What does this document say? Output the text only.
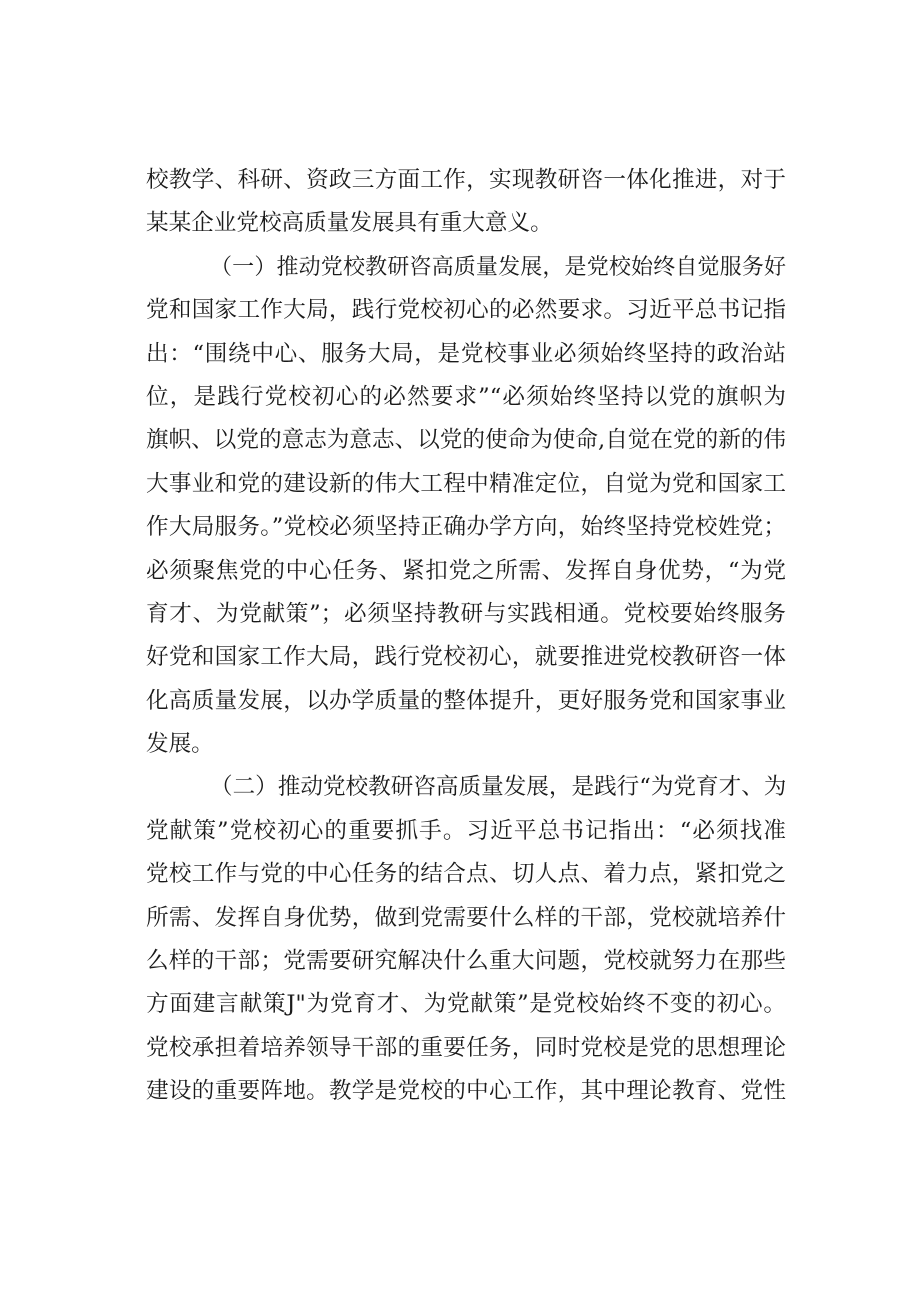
校教学、科研、资政三方面工作，实现教研咨一体化推进，对于
某某企业党校高质量发展具有重大意义。
（一）推动党校教研咨高质量发展，是党校始终自觉服务好
党和国家工作大局，践行党校初心的必然要求。习近平总书记指
出：“围绕中心、服务大局，是党校事业必须始终坚持的政治站
位，是践行党校初心的必然要求”“必须始终坚持以党的旗帜为
旗帜、以党的意志为意志、以党的使命为使命,自觉在党的新的伟
大事业和党的建设新的伟大工程中精准定位，自觉为党和国家工
作大局服务。”党校必须坚持正确办学方向，始终坚持党校姓党；
必须聚焦党的中心任务、紧扣党之所需、发挥自身优势，“为党
育才、为党献策”；必须坚持教研与实践相通。党校要始终服务
好党和国家工作大局，践行党校初心，就要推进党校教研咨一体
化高质量发展，以办学质量的整体提升，更好服务党和国家事业
发展。
（二）推动党校教研咨高质量发展，是践行“为党育才、为
党献策”党校初心的重要抓手。习近平总书记指出：“必须找准
党校工作与党的中心任务的结合点、切人点、着力点，紧扣党之
所需、发挥自身优势，做到党需要什么样的干部，党校就培养什
么样的干部；党需要研究解决什么重大问题，党校就努力在那些
方面建言献策J"为党育才、为党献策”是党校始终不变的初心。
党校承担着培养领导干部的重要任务，同时党校是党的思想理论
建设的重要阵地。教学是党校的中心工作，其中理论教育、党性
